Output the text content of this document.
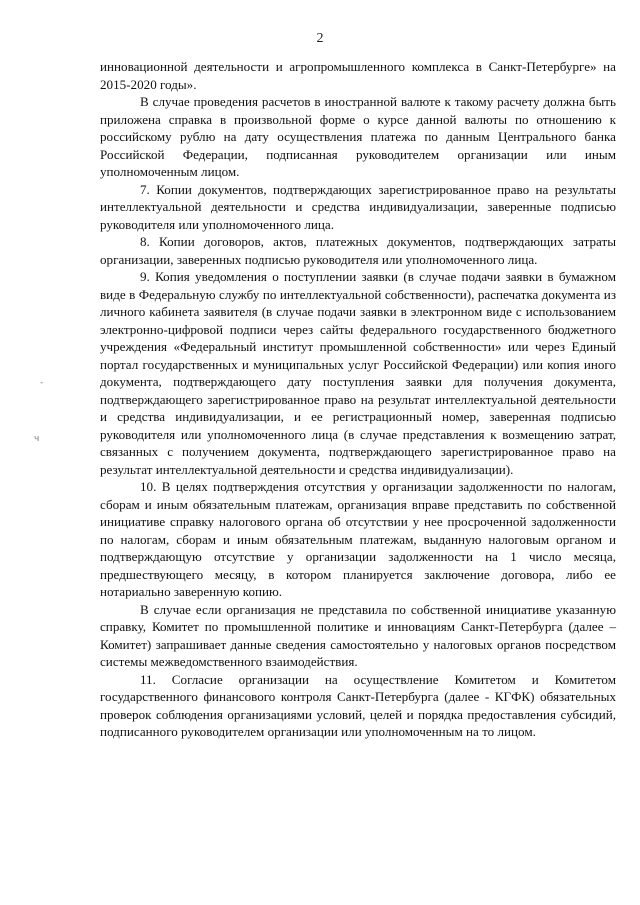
2

инновационной деятельности и агропромышленного комплекса в Санкт-Петербурге» на 2015-2020 годы».

В случае проведения расчетов в иностранной валюте к такому расчету должна быть приложена справка в произвольной форме о курсе данной валюты по отношению к российскому рублю на дату осуществления платежа по данным Центрального банка Российской Федерации, подписанная руководителем организации или иным уполномоченным лицом.

7. Копии документов, подтверждающих зарегистрированное право на результаты интеллектуальной деятельности и средства индивидуализации, заверенные подписью руководителя или уполномоченного лица.

8. Копии договоров, актов, платежных документов, подтверждающих затраты организации, заверенных подписью руководителя или уполномоченного лица.

9. Копия уведомления о поступлении заявки (в случае подачи заявки в бумажном виде в Федеральную службу по интеллектуальной собственности), распечатка документа из личного кабинета заявителя (в случае подачи заявки в электронном виде с использованием электронно-цифровой подписи через сайты федерального государственного бюджетного учреждения «Федеральный институт промышленной собственности» или через Единый портал государственных и муниципальных услуг Российской Федерации) или копия иного документа, подтверждающего дату поступления заявки для получения документа, подтверждающего зарегистрированное право на результат интеллектуальной деятельности и средства индивидуализации, и ее регистрационный номер, заверенная подписью руководителя или уполномоченного лица (в случае представления к возмещению затрат, связанных с получением документа, подтверждающего зарегистрированное право на результат интеллектуальной деятельности и средства индивидуализации).

10. В целях подтверждения отсутствия у организации задолженности по налогам, сборам и иным обязательным платежам, организация вправе представить по собственной инициативе справку налогового органа об отсутствии у нее просроченной задолженности по налогам, сборам и иным обязательным платежам, выданную налоговым органом и подтверждающую отсутствие у организации задолженности на 1 число месяца, предшествующего месяцу, в котором планируется заключение договора, либо ее нотариально заверенную копию.

В случае если организация не представила по собственной инициативе указанную справку, Комитет по промышленной политике и инновациям Санкт-Петербурга (далее – Комитет) запрашивает данные сведения самостоятельно у налоговых органов посредством системы межведомственного взаимодействия.

11. Согласие организации на осуществление Комитетом и Комитетом государственного финансового контроля Санкт-Петербурга (далее - КГФК) обязательных проверок соблюдения организациями условий, целей и порядка предоставления субсидий, подписанного руководителем организации или уполномоченным на то лицом.

-
ч
